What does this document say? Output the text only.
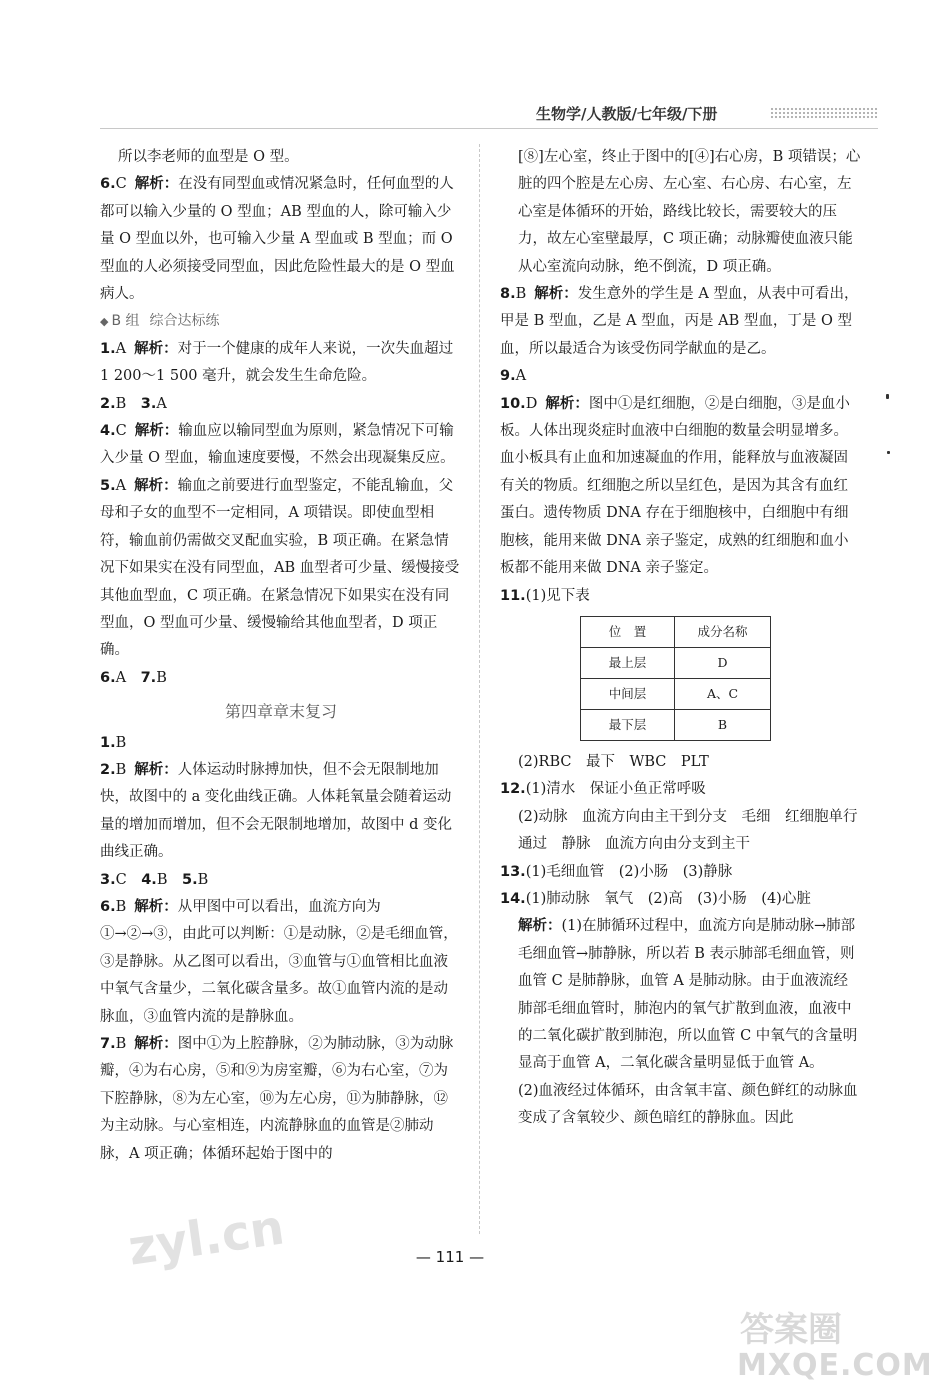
生物学/人教版/七年级/下册

所以李老师的血型是 O 型。

6.C 解析：在没有同型血或情况紧急时，任何血型的人都可以输入少量的 O 型血；AB 型血的人，除可输入少量 O 型血以外，也可输入少量 A 型血或 B 型血；而 O 型血的人必须接受同型血，因此危险性最大的是 O 型血病人。

◆ B 组 综合达标练

1.A 解析：对于一个健康的成年人来说，一次失血超过 1 200～1 500 毫升，就会发生生命危险。

2.B　 3.A

4.C 解析：输血应以输同型血为原则，紧急情况下可输入少量 O 型血，输血速度要慢，不然会出现凝集反应。

5.A 解析：输血之前要进行血型鉴定，不能乱输血，父母和子女的血型不一定相同，A 项错误。即使血型相符，输血前仍需做交叉配血实验，B 项正确。在紧急情况下如果实在没有同型血，AB 血型者可少量、缓慢接受其他血型血，C 项正确。在紧急情况下如果实在没有同型血，O 型血可少量、缓慢输给其他血型者，D 项正确。

6.A　 7.B

第四章章末复习

1.B

2.B 解析：人体运动时脉搏加快，但不会无限制地加快，故图中的 a 变化曲线正确。人体耗氧量会随着运动量的增加而增加，但不会无限制地增加，故图中 d 变化曲线正确。

3.C　 4.B　 5.B

6.B 解析：从甲图中可以看出，血流方向为①→②→③，由此可以判断：①是动脉，②是毛细血管，③是静脉。从乙图可以看出，③血管与①血管相比血液中氧气含量少，二氧化碳含量多。故①血管内流的是动脉血，③血管内流的是静脉血。

7.B 解析：图中①为上腔静脉，②为肺动脉，③为动脉瓣，④为右心房，⑤和⑨为房室瓣，⑥为右心室，⑦为下腔静脉，⑧为左心室，⑩为左心房，⑪为肺静脉，⑫为主动脉。与心室相连，内流静脉血的血管是②肺动脉，A 项正确；体循环起始于图中的

[⑧]左心室，终止于图中的[④]右心房，B 项错误；心脏的四个腔是左心房、左心室、右心房、右心室，左心室是体循环的开始，路线比较长，需要较大的压力，故左心室壁最厚，C 项正确；动脉瓣使血液只能从心室流向动脉，绝不倒流，D 项正确。

8.B 解析：发生意外的学生是 A 型血，从表中可看出，甲是 B 型血，乙是 A 型血，丙是 AB 型血，丁是 O 型血，所以最适合为该受伤同学献血的是乙。

9.A

10.D 解析：图中①是红细胞，②是白细胞，③是血小板。人体出现炎症时血液中白细胞的数量会明显增多。血小板具有止血和加速凝血的作用，能释放与血液凝固有关的物质。红细胞之所以呈红色，是因为其含有血红蛋白。遗传物质 DNA 存在于细胞核中，白细胞中有细胞核，能用来做 DNA 亲子鉴定，成熟的红细胞和血小板都不能用来做 DNA 亲子鉴定。

11.(1)见下表

位　置	成分名称
最上层	D
中间层	A、C
最下层	B

(2)RBC　最下　WBC　PLT

12.(1)清水　保证小鱼正常呼吸

(2)动脉　血流方向由主干到分支　毛细　红细胞单行通过　静脉　血流方向由分支到主干

13.(1)毛细血管　(2)小肠　(3)静脉

14.(1)肺动脉　氧气　(2)高　(3)小肠　(4)心脏

解析：(1)在肺循环过程中，血流方向是肺动脉→肺部毛细血管→肺静脉，所以若 B 表示肺部毛细血管，则血管 C 是肺静脉，血管 A 是肺动脉。由于血液流经肺部毛细血管时，肺泡内的氧气扩散到血液，血液中的二氧化碳扩散到肺泡，所以血管 C 中氧气的含量明显高于血管 A，二氧化碳含量明显低于血管 A。

(2)血液经过体循环，由含氧丰富、颜色鲜红的动脉血变成了含氧较少、颜色暗红的静脉血。因此

— 111 —
zyl.cn
答案圈
MXQE.COM
